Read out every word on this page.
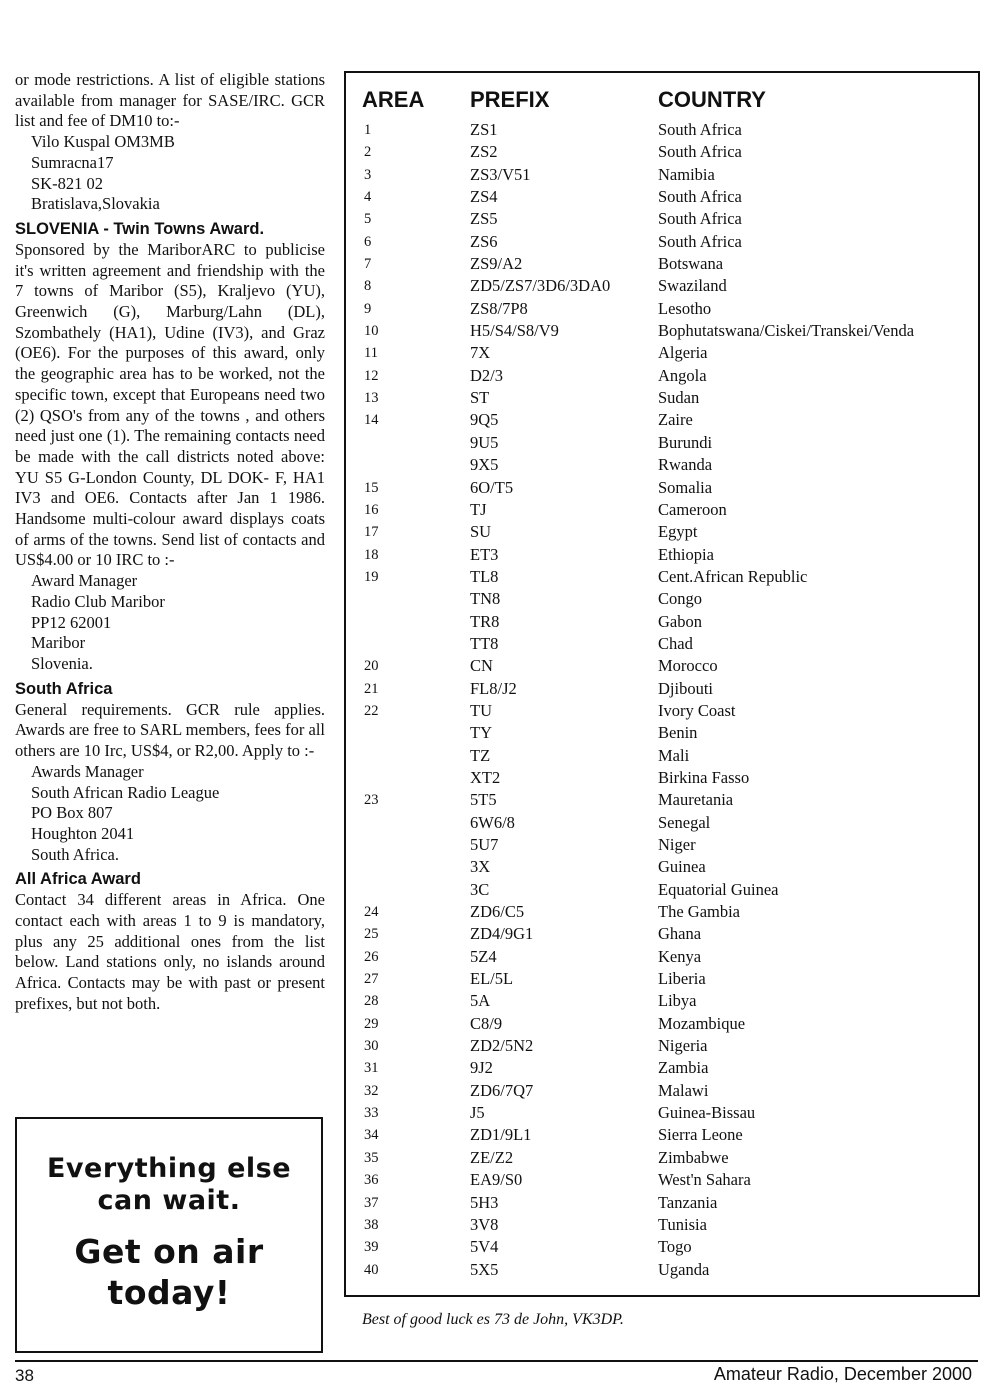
or mode restrictions. A list of eligible stations available from manager for SASE/IRC. GCR list and fee of DM10 to:-

Vilo Kuspal OM3MB
Sumracna17
SK-821 02
Bratislava,Slovakia
SLOVENIA - Twin Towns Award.

Sponsored by the MariborARC to publicise it's written agreement and friendship with the 7 towns of Maribor (S5), Kraljevo (YU), Greenwich (G), Marburg/Lahn (DL), Szombathely (HA1), Udine (IV3), and Graz (OE6). For the purposes of this award, only the geographic area has to be worked, not the specific town, except that Europeans need two (2) QSO's from any of the towns , and others need just one (1). The remaining contacts need be made with the call districts noted above: YU S5 G-London County, DL DOK- F, HA1 IV3 and OE6. Contacts after Jan 1 1986. Handsome multi-colour award displays coats of arms of the towns. Send list of contacts and US$4.00 or 10 IRC to :-

Award Manager
Radio Club Maribor
PP12 62001
Maribor
Slovenia.
South Africa

General requirements. GCR rule applies. Awards are free to SARL members, fees for all others are 10 Irc, US$4, or R2,00. Apply to :-

Awards Manager
South African Radio League
PO Box 807
Houghton 2041
South Africa.
All Africa Award

Contact 34 different areas in Africa. One contact each with areas 1 to 9 is mandatory, plus any 25 additional ones from the list below. Land stations only, no islands around Africa. Contacts may be with past or present prefixes, but not both.

Everything else
can wait.
Get on air
today!
AREA PREFIX	COUNTRY
1	ZS1	South Africa
2	ZS2	South Africa
3	ZS3/V51	Namibia
4	ZS4	South Africa
5	ZS5	South Africa
6	ZS6	South Africa
7	ZS9/A2	Botswana
8	ZD5/ZS7/3D6/3DA0	Swaziland
9	ZS8/7P8	Lesotho
10	H5/S4/S8/V9	Bophutatswana/Ciskei/Transkei/Venda
11	7X	Algeria
12	D2/3	Angola
13	ST	Sudan
14	9Q5	Zaire
9U5	Burundi
9X5	Rwanda
15	6O/T5	Somalia
16	TJ	Cameroon
17	SU	Egypt
18	ET3	Ethiopia
19	TL8	Cent.African Republic
TN8	Congo
TR8	Gabon
TT8	Chad
20	CN	Morocco
21	FL8/J2	Djibouti
22	TU	Ivory Coast
TY	Benin
TZ	Mali
XT2	Birkina Fasso
23	5T5	Mauretania
6W6/8	Senegal
5U7	Niger
3X	Guinea
3C	Equatorial Guinea
24	ZD6/C5	The Gambia
25	ZD4/9G1	Ghana
26	5Z4	Kenya
27	EL/5L	Liberia
28	5A	Libya
29	C8/9	Mozambique
30	ZD2/5N2	Nigeria
31	9J2	Zambia
32	ZD6/7Q7	Malawi
33	J5	Guinea-Bissau
34	ZD1/9L1	Sierra Leone
35	ZE/Z2	Zimbabwe
36	EA9/S0	West'n Sahara
37	5H3	Tanzania
38	3V8	Tunisia
39	5V4	Togo
40	5X5	Uganda
Best of good luck es 73 de John, VK3DP.
38	Amateur Radio, December 2000
